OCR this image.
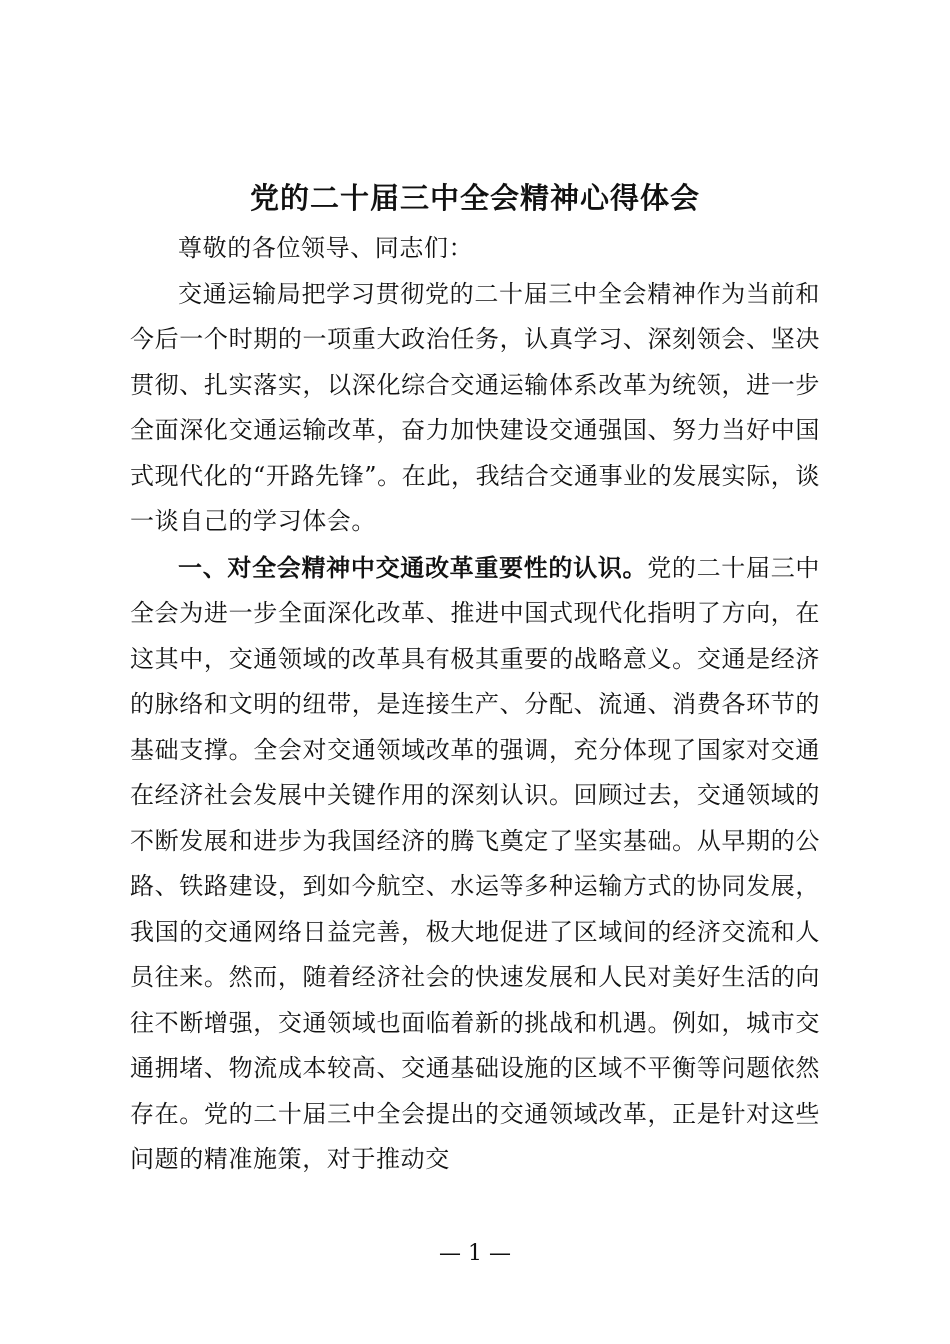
党的二十届三中全会精神心得体会

尊敬的各位领导、同志们：

交通运输局把学习贯彻党的二十届三中全会精神作为当前和今后一个时期的一项重大政治任务，认真学习、深刻领会、坚决贯彻、扎实落实，以深化综合交通运输体系改革为统领，进一步全面深化交通运输改革，奋力加快建设交通强国、努力当好中国式现代化的“开路先锋”。在此，我结合交通事业的发展实际，谈一谈自己的学习体会。

一、对全会精神中交通改革重要性的认识。党的二十届三中全会为进一步全面深化改革、推进中国式现代化指明了方向，在这其中，交通领域的改革具有极其重要的战略意义。交通是经济的脉络和文明的纽带，是连接生产、分配、流通、消费各环节的基础支撑。全会对交通领域改革的强调，充分体现了国家对交通在经济社会发展中关键作用的深刻认识。回顾过去，交通领域的不断发展和进步为我国经济的腾飞奠定了坚实基础。从早期的公路、铁路建设，到如今航空、水运等多种运输方式的协同发展，我国的交通网络日益完善，极大地促进了区域间的经济交流和人员往来。然而，随着经济社会的快速发展和人民对美好生活的向往不断增强，交通领域也面临着新的挑战和机遇。例如，城市交通拥堵、物流成本较高、交通基础设施的区域不平衡等问题依然存在。党的二十届三中全会提出的交通领域改革，正是针对这些问题的精准施策，对于推动交

— 1 —
